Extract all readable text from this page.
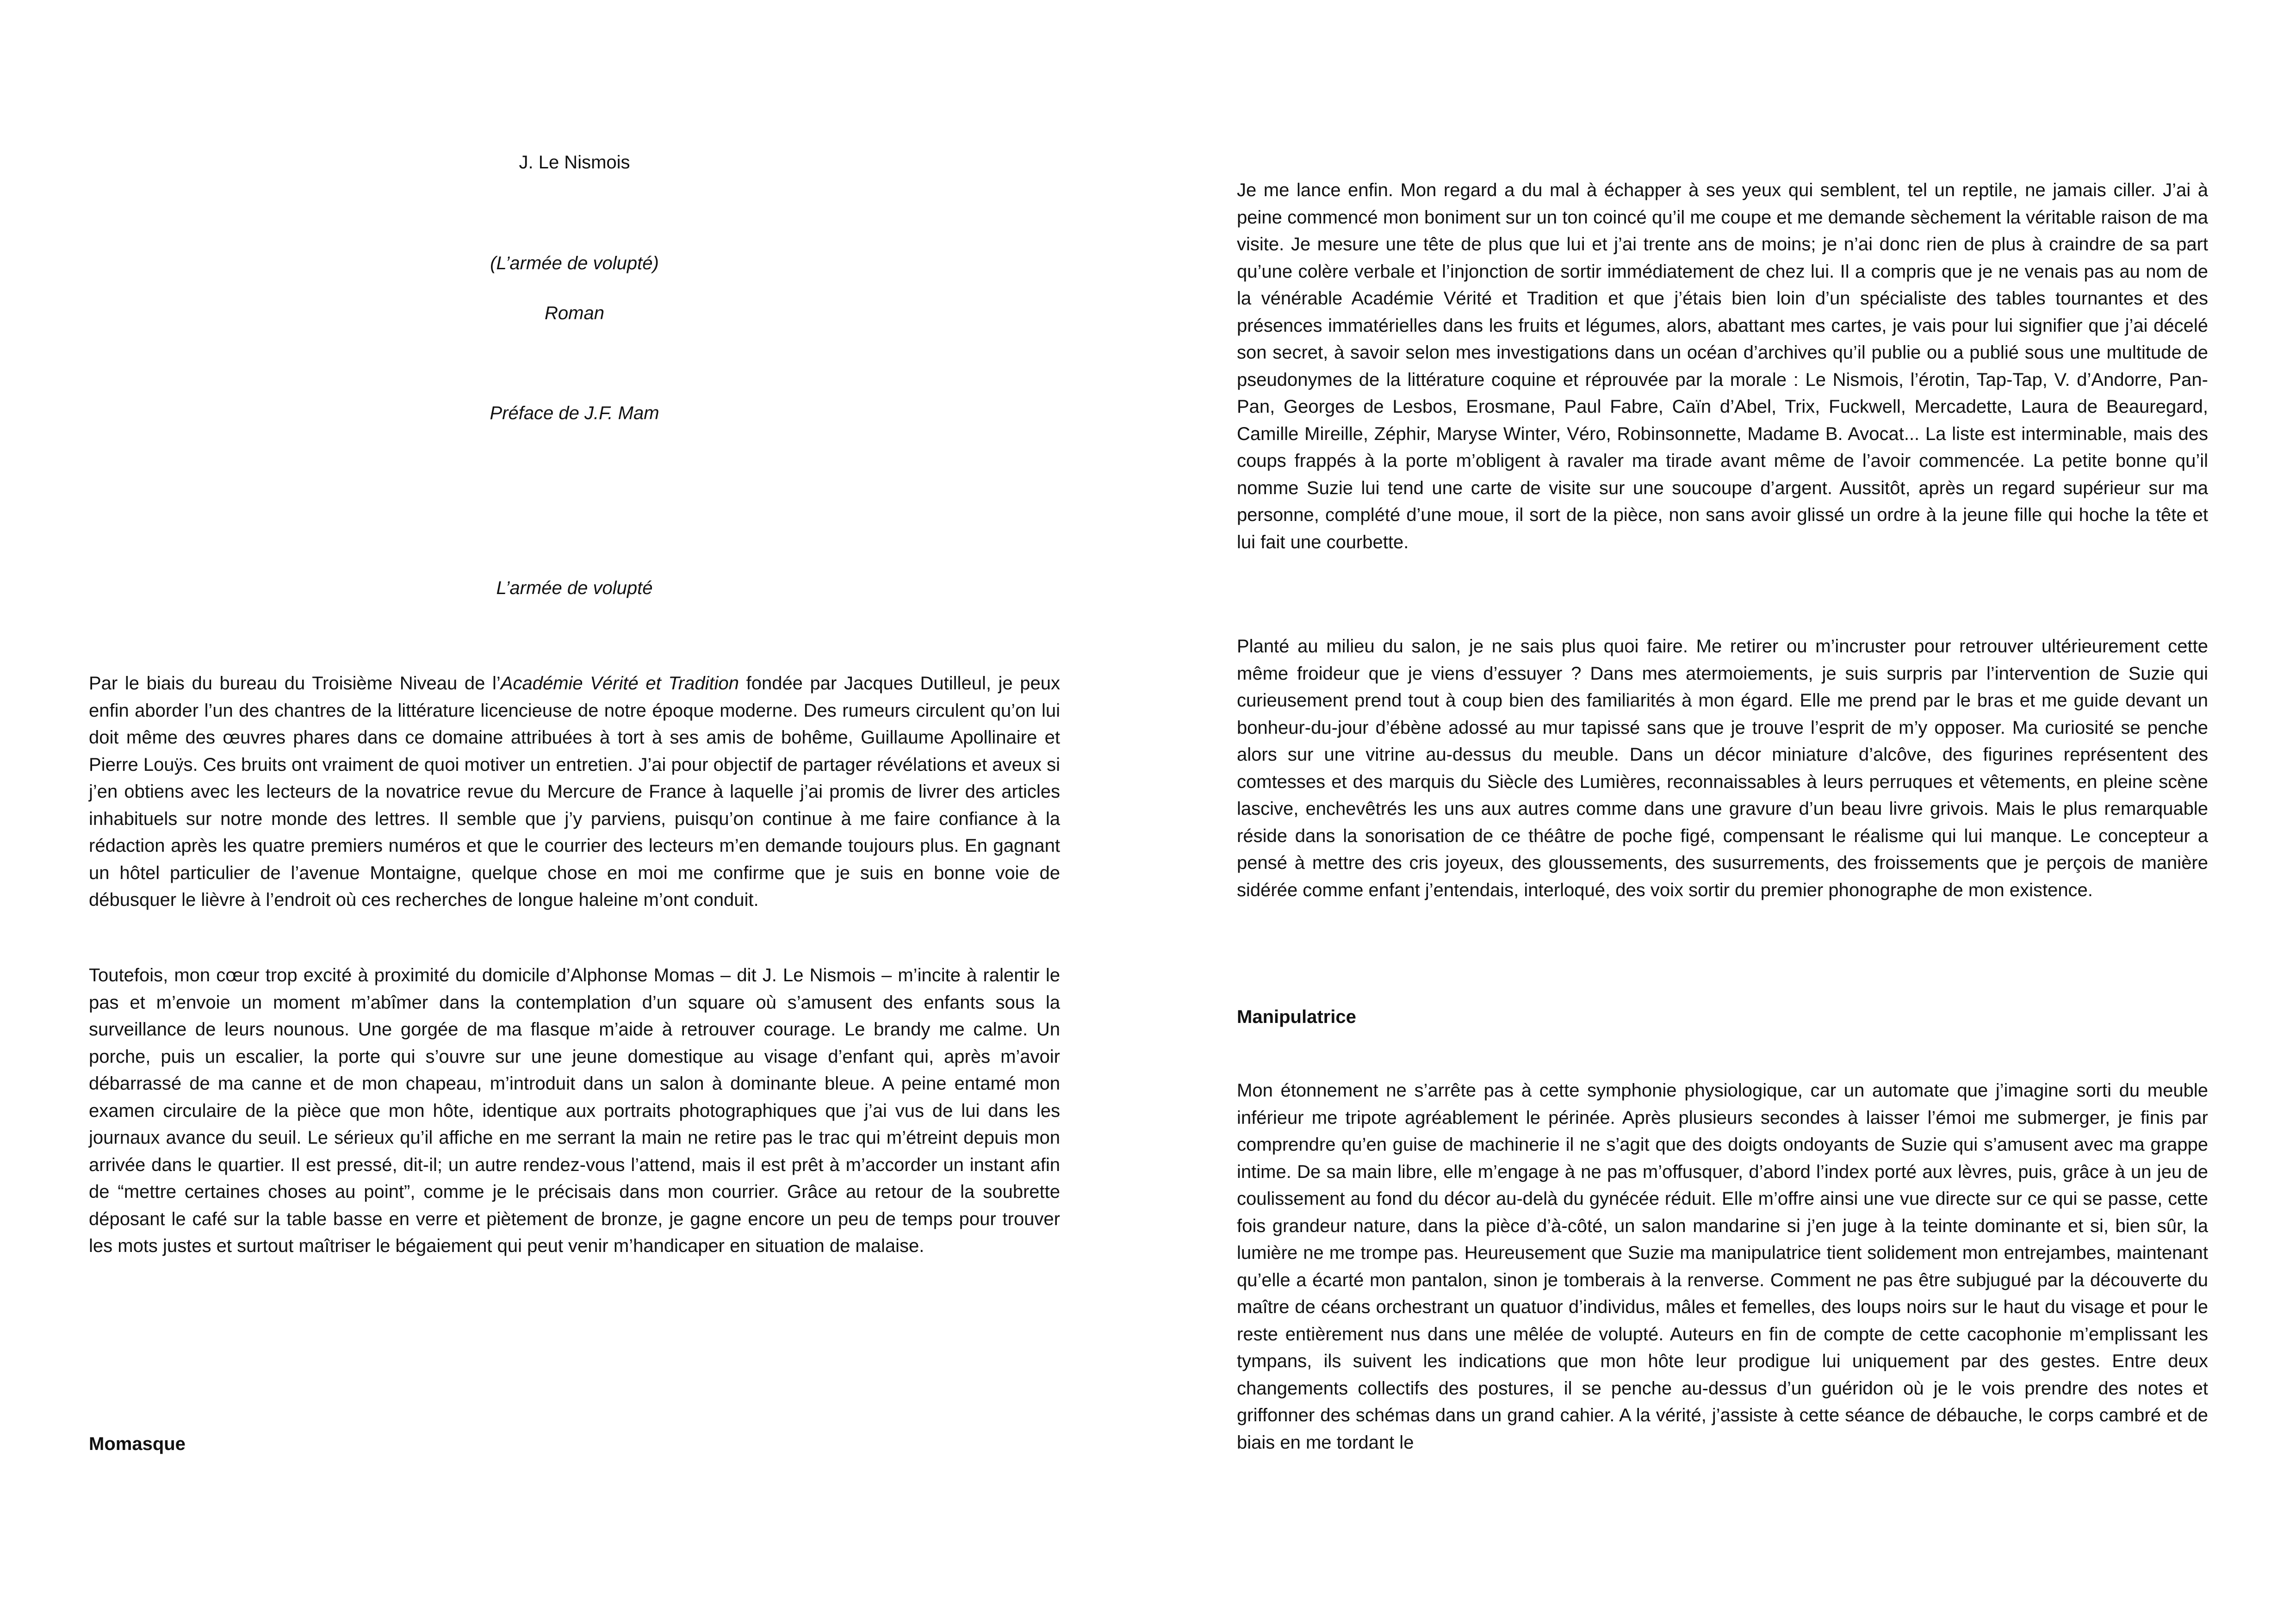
J. Le Nismois

(L’armée de volupté)

Roman

Préface de J.F. Mam

L’armée de volupté

Par le biais du bureau du Troisième Niveau de l’Académie Vérité et Tradition fondée par Jacques Dutilleul, je peux enfin aborder l’un des chantres de la littérature licencieuse de notre époque moderne. Des rumeurs circulent qu’on lui doit même des œuvres phares dans ce domaine attribuées à tort à ses amis de bohême, Guillaume Apollinaire et Pierre Louÿs. Ces bruits ont vraiment de quoi motiver un entretien. J’ai pour objectif de partager révélations et aveux si j’en obtiens avec les lecteurs de la novatrice revue du Mercure de France à laquelle j’ai promis de livrer des articles inhabituels sur notre monde des lettres. Il semble que j’y parviens, puisqu’on continue à me faire confiance à la rédaction après les quatre premiers numéros et que le courrier des lecteurs m’en demande toujours plus. En gagnant un hôtel particulier de l’avenue Montaigne, quelque chose en moi me confirme que je suis en bonne voie de débusquer le lièvre à l’endroit où ces recherches de longue haleine m’ont conduit.

Toutefois, mon cœur trop excité à proximité du domicile d’Alphonse Momas – dit J. Le Nismois – m’incite à ralentir le pas et m’envoie un moment m’abîmer dans la contemplation d’un square où s’amusent des enfants sous la surveillance de leurs nounous. Une gorgée de ma flasque m’aide à retrouver courage. Le brandy me calme. Un porche, puis un escalier, la porte qui s’ouvre sur une jeune domestique au visage d’enfant qui, après m’avoir débarrassé de ma canne et de mon chapeau, m’introduit dans un salon à dominante bleue. A peine entamé mon examen circulaire de la pièce que mon hôte, identique aux portraits photographiques que j’ai vus de lui dans les journaux avance du seuil. Le sérieux qu’il affiche en me serrant la main ne retire pas le trac qui m’étreint depuis mon arrivée dans le quartier. Il est pressé, dit-il; un autre rendez-vous l’attend, mais il est prêt à m’accorder un instant afin de “mettre certaines choses au point”, comme je le précisais dans mon courrier. Grâce au retour de la soubrette déposant le café sur la table basse en verre et piètement de bronze, je gagne encore un peu de temps pour trouver les mots justes et surtout maîtriser le bégaiement qui peut venir m’handicaper en situation de malaise.

Momasque

Je me lance enfin. Mon regard a du mal à échapper à ses yeux qui semblent, tel un reptile, ne jamais ciller. J’ai à peine commencé mon boniment sur un ton coincé qu’il me coupe et me demande sèchement la véritable raison de ma visite. Je mesure une tête de plus que lui et j’ai trente ans de moins; je n’ai donc rien de plus à craindre de sa part qu’une colère verbale et l’injonction de sortir immédiatement de chez lui. Il a compris que je ne venais pas au nom de la vénérable Académie Vérité et Tradition et que j’étais bien loin d’un spécialiste des tables tournantes et des présences immatérielles dans les fruits et légumes, alors, abattant mes cartes, je vais pour lui signifier que j’ai décelé son secret, à savoir selon mes investigations dans un océan d’archives qu’il publie ou a publié sous une multitude de pseudonymes de la littérature coquine et réprouvée par la morale : Le Nismois, l’érotin, Tap-Tap, V. d’Andorre, Pan-Pan, Georges de Lesbos, Erosmane, Paul Fabre, Caïn d’Abel, Trix, Fuckwell, Mercadette, Laura de Beauregard, Camille Mireille, Zéphir, Maryse Winter, Véro, Robinsonnette, Madame B. Avocat... La liste est interminable, mais des coups frappés à la porte m’obligent à ravaler ma tirade avant même de l’avoir commencée. La petite bonne qu’il nomme Suzie lui tend une carte de visite sur une soucoupe d’argent. Aussitôt, après un regard supérieur sur ma personne, complété d’une moue, il sort de la pièce, non sans avoir glissé un ordre à la jeune fille qui hoche la tête et lui fait une courbette.

Planté au milieu du salon, je ne sais plus quoi faire. Me retirer ou m’incruster pour retrouver ultérieurement cette même froideur que je viens d’essuyer ? Dans mes atermoiements, je suis surpris par l’intervention de Suzie qui curieusement prend tout à coup bien des familiarités à mon égard. Elle me prend par le bras et me guide devant un bonheur-du-jour d’ébène adossé au mur tapissé sans que je trouve l’esprit de m’y opposer. Ma curiosité se penche alors sur une vitrine au-dessus du meuble. Dans un décor miniature d’alcôve, des figurines représentent des comtesses et des marquis du Siècle des Lumières, reconnaissables à leurs perruques et vêtements, en pleine scène lascive, enchevêtrés les uns aux autres comme dans une gravure d’un beau livre grivois. Mais le plus remarquable réside dans la sonorisation de ce théâtre de poche figé, compensant le réalisme qui lui manque. Le concepteur a pensé à mettre des cris joyeux, des gloussements, des susurrements, des froissements que je perçois de manière sidérée comme enfant j’entendais, interloqué, des voix sortir du premier phonographe de mon existence.

Manipulatrice

Mon étonnement ne s’arrête pas à cette symphonie physiologique, car un automate que j’imagine sorti du meuble inférieur me tripote agréablement le périnée. Après plusieurs secondes à laisser l’émoi me submerger, je finis par comprendre qu’en guise de machinerie il ne s’agit que des doigts ondoyants de Suzie qui s’amusent avec ma grappe intime. De sa main libre, elle m’engage à ne pas m’offusquer, d’abord l’index porté aux lèvres, puis, grâce à un jeu de coulissement au fond du décor au-delà du gynécée réduit. Elle m’offre ainsi une vue directe sur ce qui se passe, cette fois grandeur nature, dans la pièce d’à-côté, un salon mandarine si j’en juge à la teinte dominante et si, bien sûr, la lumière ne me trompe pas. Heureusement que Suzie ma manipulatrice tient solidement mon entrejambes, maintenant qu’elle a écarté mon pantalon, sinon je tomberais à la renverse. Comment ne pas être subjugué par la découverte du maître de céans orchestrant un quatuor d’individus, mâles et femelles, des loups noirs sur le haut du visage et pour le reste entièrement nus dans une mêlée de volupté. Auteurs en fin de compte de cette cacophonie m’emplissant les tympans, ils suivent les indications que mon hôte leur prodigue lui uniquement par des gestes. Entre deux changements collectifs des postures, il se penche au-dessus d’un guéridon où je le vois prendre des notes et griffonner des schémas dans un grand cahier. A la vérité, j’assiste à cette séance de débauche, le corps cambré et de biais en me tordant le
